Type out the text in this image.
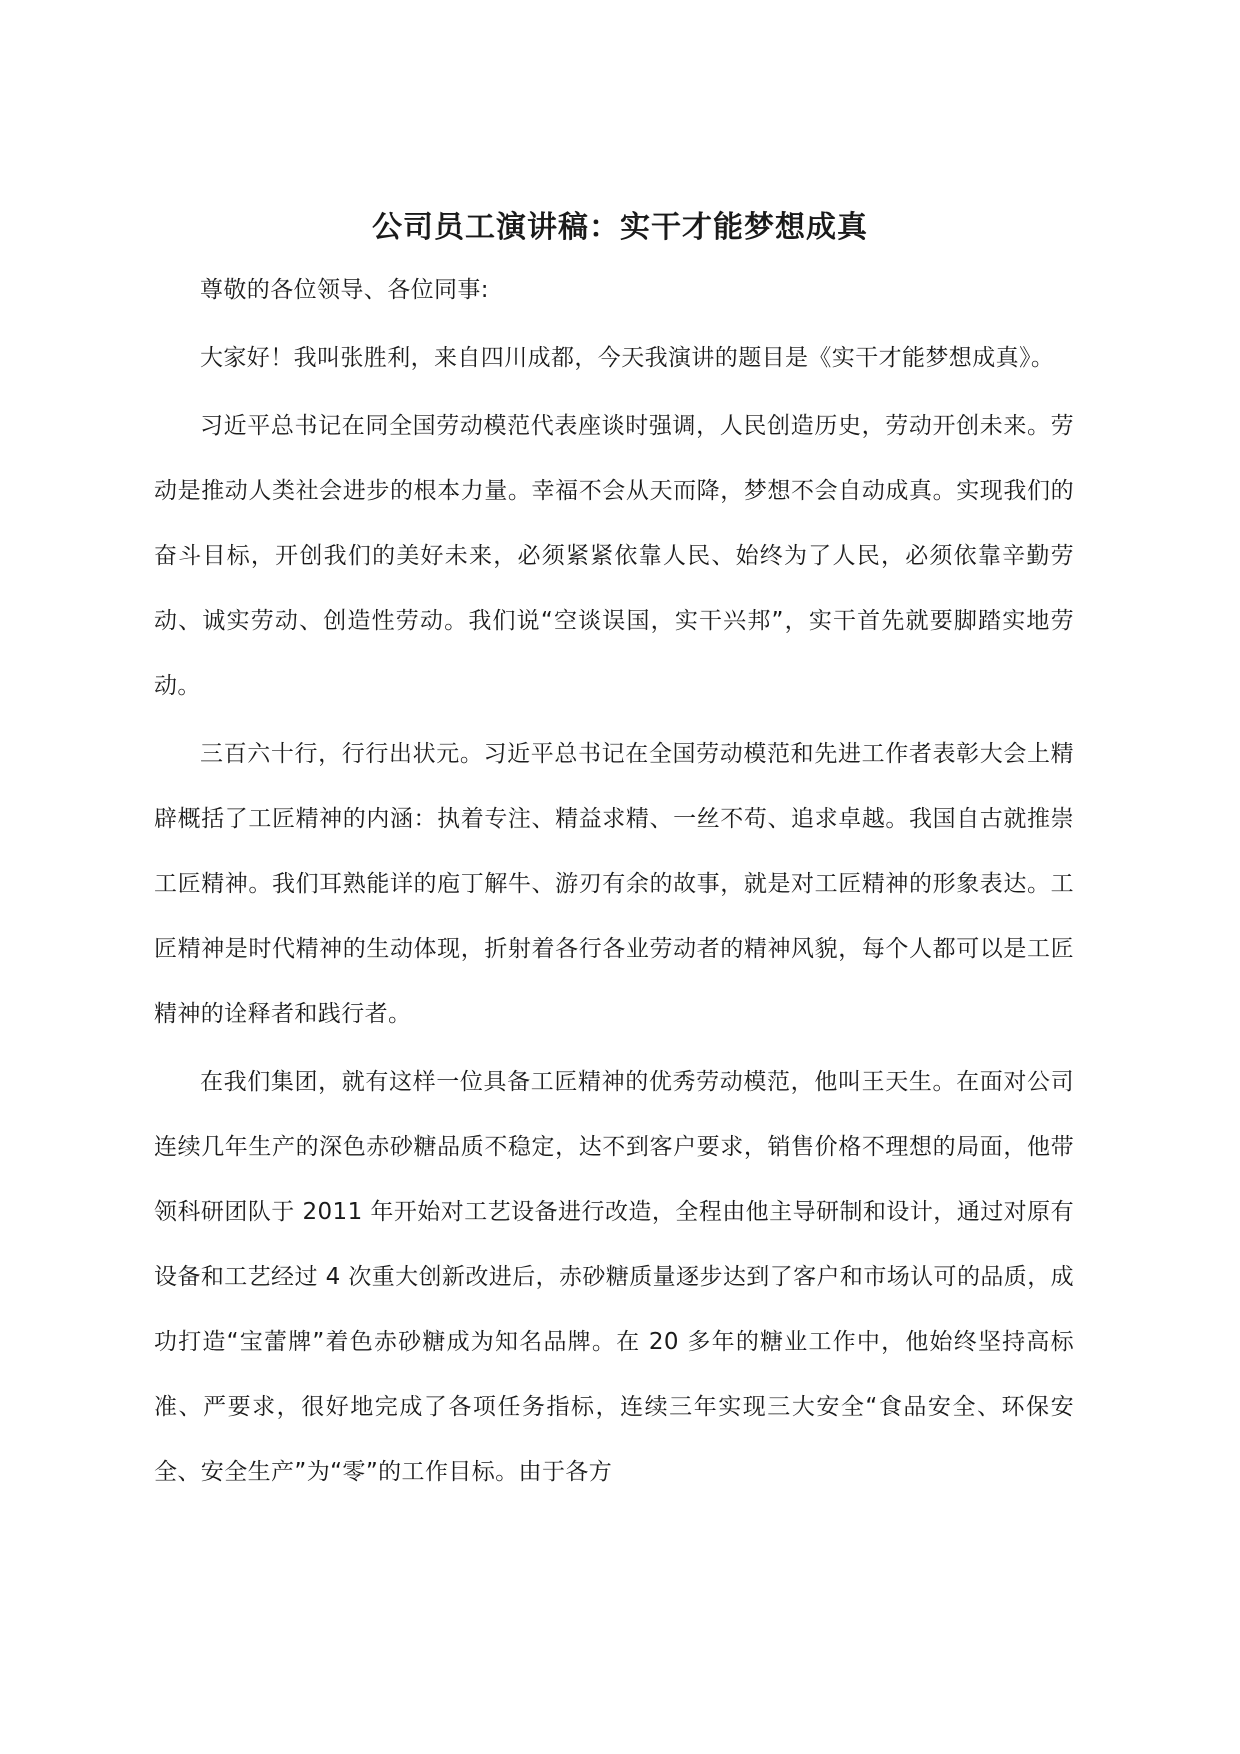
公司员工演讲稿：实干才能梦想成真

尊敬的各位领导、各位同事:

大家好！我叫张胜利，来自四川成都，今天我演讲的题目是《实干才能梦想成真》。

习近平总书记在同全国劳动模范代表座谈时强调，人民创造历史，劳动开创未来。劳动是推动人类社会进步的根本力量。幸福不会从天而降，梦想不会自动成真。实现我们的奋斗目标，开创我们的美好未来，必须紧紧依靠人民、始终为了人民，必须依靠辛勤劳动、诚实劳动、创造性劳动。我们说“空谈误国，实干兴邦”，实干首先就要脚踏实地劳动。

三百六十行，行行出状元。习近平总书记在全国劳动模范和先进工作者表彰大会上精辟概括了工匠精神的内涵：执着专注、精益求精、一丝不苟、追求卓越。我国自古就推崇工匠精神。我们耳熟能详的庖丁解牛、游刃有余的故事，就是对工匠精神的形象表达。工匠精神是时代精神的生动体现，折射着各行各业劳动者的精神风貌，每个人都可以是工匠精神的诠释者和践行者。

在我们集团，就有这样一位具备工匠精神的优秀劳动模范，他叫王天生。在面对公司连续几年生产的深色赤砂糖品质不稳定，达不到客户要求，销售价格不理想的局面，他带领科研团队于 2011 年开始对工艺设备进行改造，全程由他主导研制和设计，通过对原有设备和工艺经过 4 次重大创新改进后，赤砂糖质量逐步达到了客户和市场认可的品质，成功打造“宝蕾牌”着色赤砂糖成为知名品牌。在 20 多年的糖业工作中，他始终坚持高标准、严要求，很好地完成了各项任务指标，连续三年实现三大安全“食品安全、环保安全、安全生产”为“零”的工作目标。由于各方
